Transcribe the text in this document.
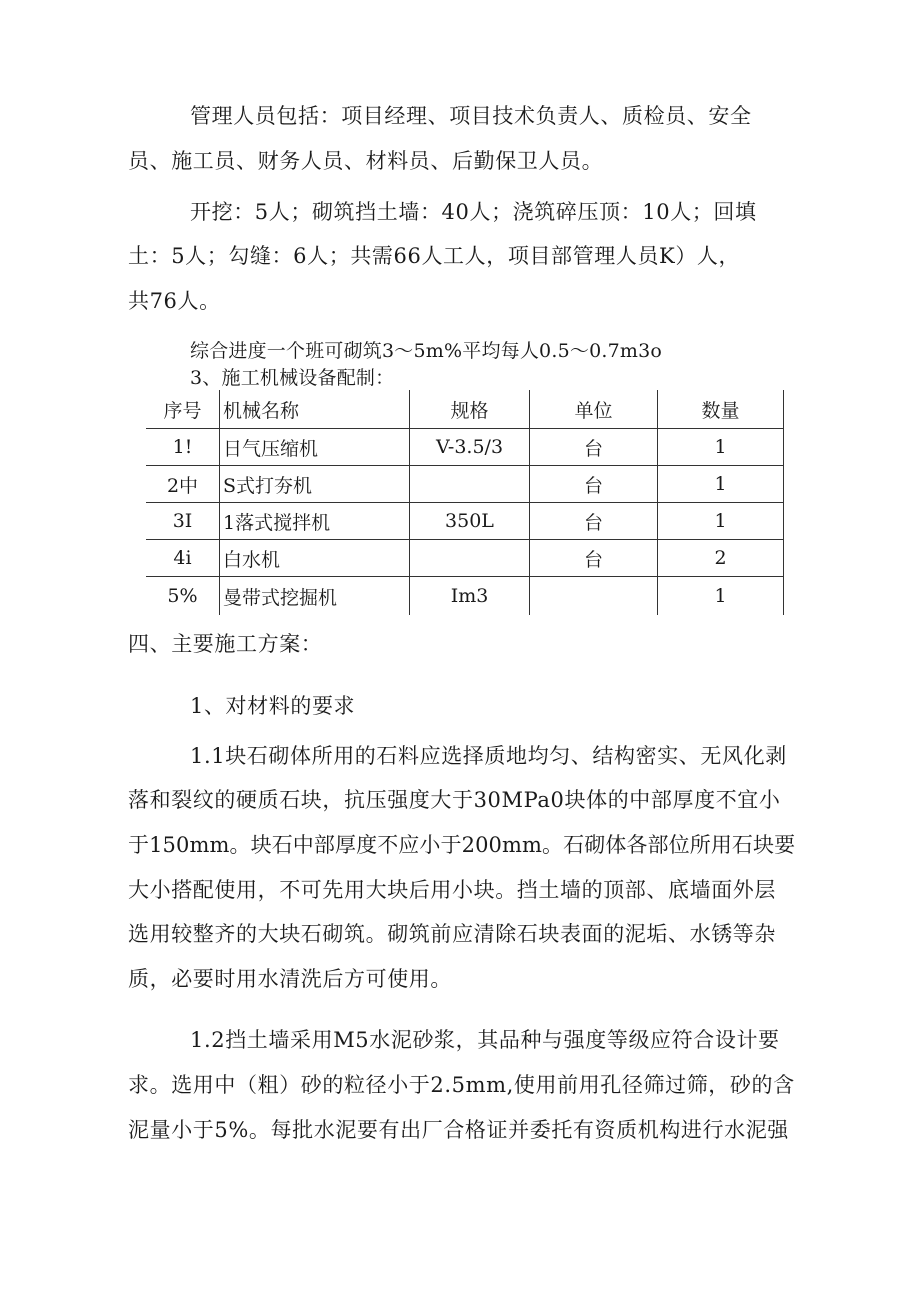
管理人员包括：项目经理、项目技术负责人、质检员、安全
员、施工员、财务人员、材料员、后勤保卫人员。
开挖：5人；砌筑挡土墙：40人；浇筑碎压顶：10人；回填
土：5人；勾缝：6人；共需66人工人，项目部管理人员K）人，
共76人。
综合进度一个班可砌筑3～5m%平均每人0.5～0.7m3o
3、施工机械设备配制：
序号	机械名称	规格	单位	数量
1!	日气压缩机	V-3.5/3	台	1
2中	S式打夯机		台	1
3I	1落式搅拌机	350L	台	1
4i	白水机		台	2
5%	曼带式挖掘机	Im3		1
四、主要施工方案：
1、对材料的要求
1.1块石砌体所用的石料应选择质地均匀、结构密实、无风化剥
落和裂纹的硬质石块，抗压强度大于30MPa0块体的中部厚度不宜小
于150mm。块石中部厚度不应小于200mm。石砌体各部位所用石块要
大小搭配使用，不可先用大块后用小块。挡土墙的顶部、底墙面外层
选用较整齐的大块石砌筑。砌筑前应清除石块表面的泥垢、水锈等杂
质，必要时用水清洗后方可使用。
1.2挡土墙采用M5水泥砂浆，其品种与强度等级应符合设计要
求。选用中（粗）砂的粒径小于2.5mm,使用前用孔径筛过筛，砂的含
泥量小于5%。每批水泥要有出厂合格证并委托有资质机构进行水泥强
